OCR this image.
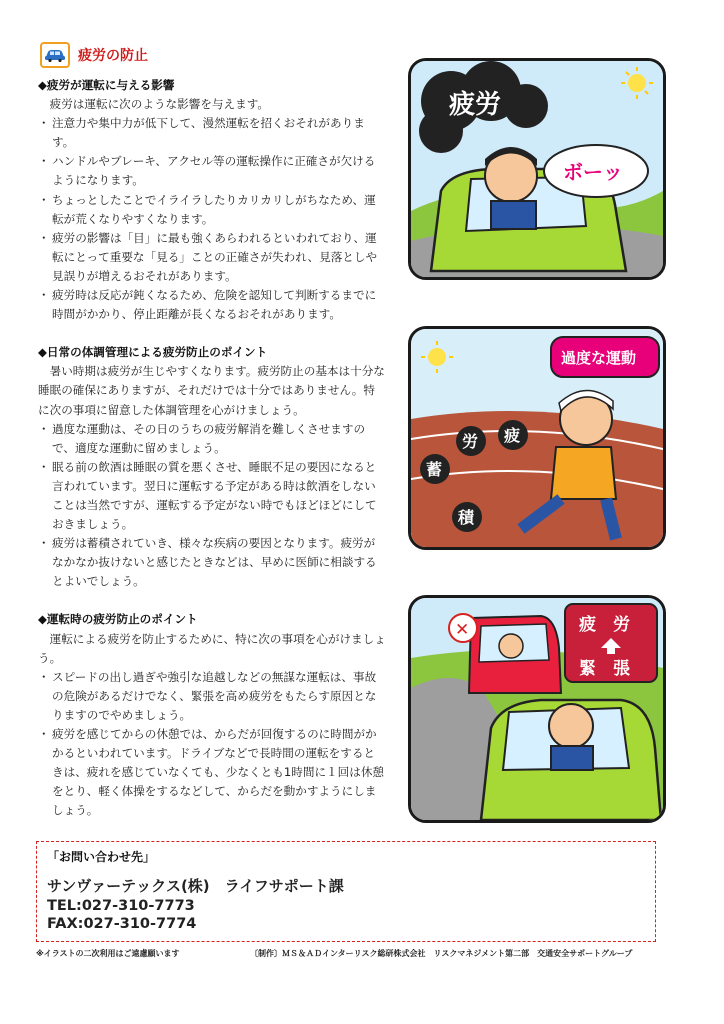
疲労の防止
◆疲労が運転に与える影響
疲労は運転に次のような影響を与えます。
・ 注意力や集中力が低下して、漫然運転を招くおそれがあります。
・ ハンドルやブレーキ、アクセル等の運転操作に正確さが欠けるようになります。
・ ちょっとしたことでイライラしたりカリカリしがちなため、運転が荒くなりやすくなります。
・ 疲労の影響は「目」に最も強くあらわれるといわれており、運転にとって重要な「見る」ことの正確さが失われ、見落としや見誤りが増えるおそれがあります。
・ 疲労時は反応が鈍くなるため、危険を認知して判断するまでに時間がかかり、停止距離が長くなるおそれがあります。
◆日常の体調管理による疲労防止のポイント
暑い時期は疲労が生じやすくなります。疲労防止の基本は十分な睡眠の確保にありますが、それだけでは十分ではありません。特に次の事項に留意した体調管理を心がけましょう。
・ 過度な運動は、その日のうちの疲労解消を難しくさせますので、適度な運動に留めましょう。
・ 眠る前の飲酒は睡眠の質を悪くさせ、睡眠不足の要因になると言われています。翌日に運転する予定がある時は飲酒をしないことは当然ですが、運転する予定がない時でもほどほどにしておきましょう。
・ 疲労は蓄積されていき、様々な疾病の要因となります。疲労がなかなか抜けないと感じたときなどは、早めに医師に相談するとよいでしょう。
◆運転時の疲労防止のポイント
運転による疲労を防止するために、特に次の事項を心がけましょう。
・ スピードの出し過ぎや強引な追越しなどの無謀な運転は、事故の危険があるだけでなく、緊張を高め疲労をもたらす原因となりますのでやめましょう。
・ 疲労を感じてからの休憩では、からだが回復するのに時間がかかるといわれています。ドライブなどで長時間の運転をするときは、疲れを感じていなくても、少なくとも1時間に１回は休憩をとり、軽く体操をするなどして、からだを動かすようにしましょう。
疲労
ボーッ
過度な運動
労 疲
蓄
積
✕	疲　労
緊　張
「お問い合わせ先」
サンヴァーテックス(株)　ライフサポート課
TEL:027-310-7773
FAX:027-310-7774
※イラストの二次利用はご遠慮願います	〔制作〕ＭＳ＆ＡＤインターリスク総研株式会社　リスクマネジメント第二部　交通安全サポートグループ
